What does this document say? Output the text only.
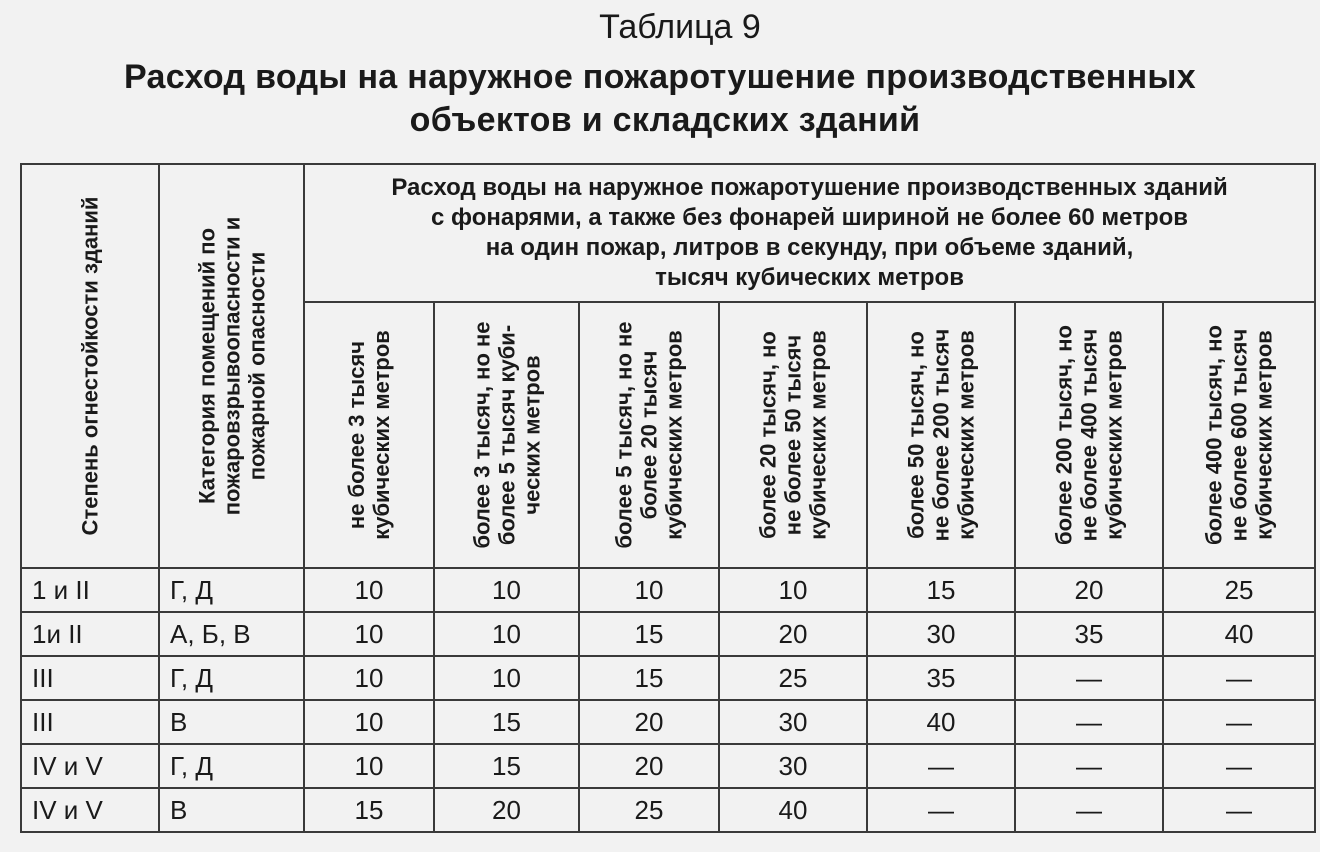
Таблица 9
Расход воды на наружное пожаротушение производственных
объектов и складских зданий
Степень огнестойкости зданий	Категория помещений по
пожаровзрывоопасности и
пожарной опасности	Расход воды на наружное пожаротушение производственных зданий
с фонарями, а также без фонарей шириной не более 60 метров
на один пожар, литров в секунду, при объеме зданий,
тысяч кубических метров						

		не более 3 тысяч
кубических метров	более 3 тысяч, но не
более 5 тысяч куби-
ческих метров	более 5 тысяч, но не
более 20 тысяч
кубических метров	более 20 тысяч, но
не более 50 тысяч
кубических метров	более 50 тысяч, но
не более 200 тысяч
кубических метров	более 200 тысяч, но
не более 400 тысяч
кубических метров	более 400 тысяч, но
не более 600 тысяч
кубических метров

1 и II	Г, Д	10	10	10	10	15	20	25
1и II	А, Б, В	10	10	15	20	30	35	40
III	Г, Д	10	10	15	25	35	—	—
III	В	10	15	20	30	40	—	—
IV и V	Г, Д	10	15	20	30	—	—	—
IV и V	В	15	20	25	40	—	—	—
